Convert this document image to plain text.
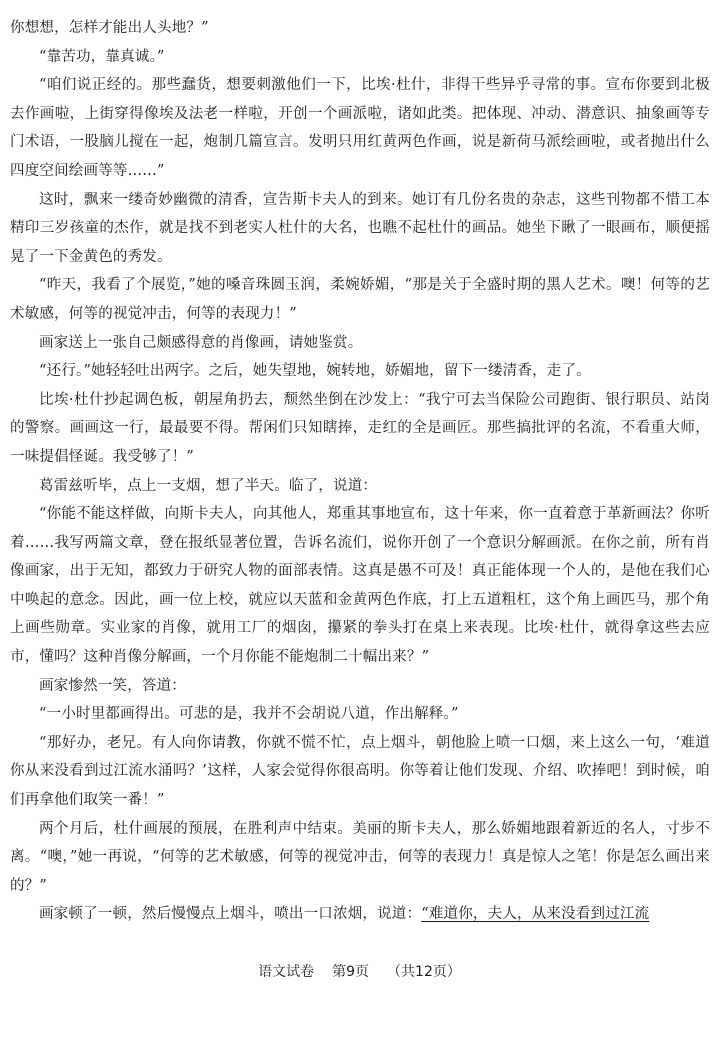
你想想，怎样才能出人头地？”

“靠苦功，靠真诚。”

“咱们说正经的。那些蠢货，想要刺激他们一下，比埃·杜什，非得干些异乎寻常的事。宣布你要到北极去作画啦，上街穿得像埃及法老一样啦，开创一个画派啦，诸如此类。把体现、冲动、潜意识、抽象画等专门术语，一股脑儿搅在一起，炮制几篇宣言。发明只用红黄两色作画，说是新荷马派绘画啦，或者抛出什么四度空间绘画等等……”

这时，飘来一缕奇妙幽微的清香，宣告斯卡夫人的到来。她订有几份名贵的杂志，这些刊物都不惜工本精印三岁孩童的杰作，就是找不到老实人杜什的大名，也瞧不起杜什的画品。她坐下瞅了一眼画布，顺便摇晃了一下金黄色的秀发。

“昨天，我看了个展览，”她的嗓音珠圆玉润，柔婉娇媚，“那是关于全盛时期的黑人艺术。噢！何等的艺术敏感，何等的视觉冲击，何等的表现力！”

画家送上一张自己颇感得意的肖像画，请她鉴赏。

“还行。”她轻轻吐出两字。之后，她失望地，婉转地，娇媚地，留下一缕清香，走了。

比埃·杜什抄起调色板，朝屋角扔去，颓然坐倒在沙发上：“我宁可去当保险公司跑街、银行职员、站岗的警察。画画这一行，最最要不得。帮闲们只知瞎捧，走红的全是画匠。那些搞批评的名流，不看重大师，一味提倡怪诞。我受够了！”

葛雷兹听毕，点上一支烟，想了半天。临了，说道：

“你能不能这样做，向斯卡夫人，向其他人，郑重其事地宣布，这十年来，你一直着意于革新画法？你听着……我写两篇文章，登在报纸显著位置，告诉名流们，说你开创了一个意识分解画派。在你之前，所有肖像画家，出于无知，都致力于研究人物的面部表情。这真是愚不可及！真正能体现一个人的，是他在我们心中唤起的意念。因此，画一位上校，就应以天蓝和金黄两色作底，打上五道粗杠，这个角上画匹马，那个角上画些勋章。实业家的肖像，就用工厂的烟囱，攥紧的拳头打在桌上来表现。比埃·杜什，就得拿这些去应市，懂吗？这种肖像分解画，一个月你能不能炮制二十幅出来？”

画家惨然一笑，答道：

“一小时里都画得出。可悲的是，我并不会胡说八道，作出解释。”

“那好办，老兄。有人向你请教，你就不慌不忙，点上烟斗，朝他脸上喷一口烟，来上这么一句，‘难道你从来没看到过江流水涌吗？’这样，人家会觉得你很高明。你等着让他们发现、介绍、吹捧吧！到时候，咱们再拿他们取笑一番！”

两个月后，杜什画展的预展，在胜利声中结束。美丽的斯卡夫人，那么娇媚地跟着新近的名人，寸步不离。“噢，”她一再说，“何等的艺术敏感，何等的视觉冲击，何等的表现力！真是惊人之笔！你是怎么画出来的？”

画家顿了一顿，然后慢慢点上烟斗，喷出一口浓烟，说道：“难道你，夫人，从来没看到过江流

语文试卷 第9页 （共12页）
